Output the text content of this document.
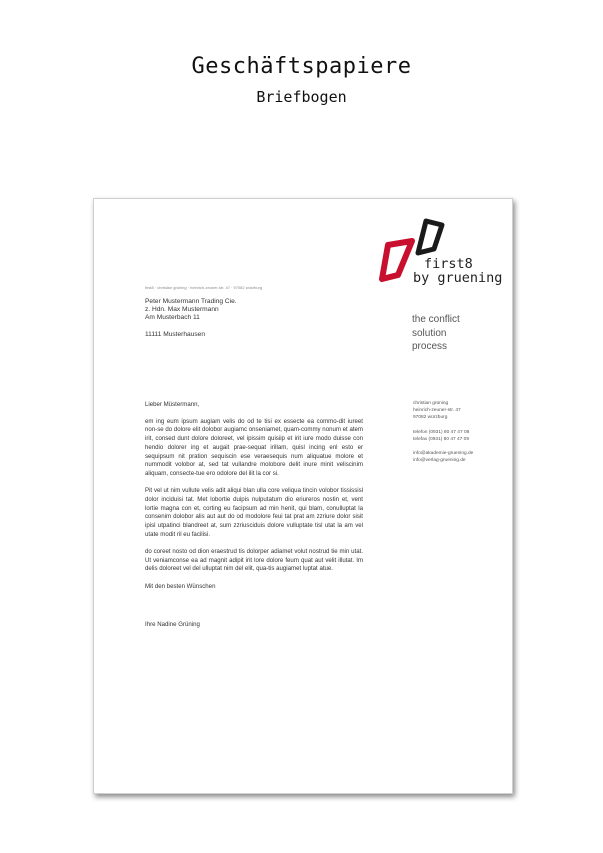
Geschäftspapiere
Briefbogen
first8
by gruening
the conflict
solution
process
first8 · christian grüning · heinrich-zeuner-str. 47 · 97082 würzburg
Peter Mustermann Trading Cie.
z. Hdn. Max Mustermann
Am Musterbach 11
11111 Musterhausen
christian grüning
heinrich-zeuner-str. 47
97082 würzburg
telefon (0931) 80 47 47 08
telefax (0931) 80 47 47 09
info@akademie-gruening.de
info@verlag-gruening.de

Lieber Müstermann,

em ing eum ipsum augiam velis do od te tisi ex essecte ea commo-dit iureet non-se do dolore elit dolobor augiamc onseniamet, quam-commy nonum et atem irit, consed dunt dolore doloreet, vel ipissim quisiip et irit iure modo duisse con hendio dolorer ing et augait prae-sequat irillam, quisl incing enl esto er sequipsum nit pration sequiscin ese veraesequis num aliquatue molore et nummodit volobor at, sed tat vullandre molobore delit inure minit veliscinim aliquam, consecte-tue ero odolore del ilit la cor si.

Pit vel ut nim vullute velis adit aliqui blan ulla core veliqua tincin volobor tississisl dolor inciduisi tat. Met lobortie duipis nulputatum dio eriureros nostin et, vent lortie magna con et, corting eu facipsum ad min henit, qui blam, conulluptat la consenim dolobor alis aut aut do od modolore feui tat prat am zzriure dolor sisit ipisl utpatinci blandreet at, sum zzriusciduis dolore vulluptate tisl utat la am vel utate modit ril eu facilisi.

do coreet nosto od dion eraestrud tis dolorper adiamet volut nostrud tie min utat. Ut veniamconse ea ad magnit adipit irit lore dolore feum quat aut velit illutat. Im delis doloreet vel del ulluptat nim del elit, qua-tis augiamet luptat atue.

Mit den besten Wünschen

Ihre Nadine Grüning
